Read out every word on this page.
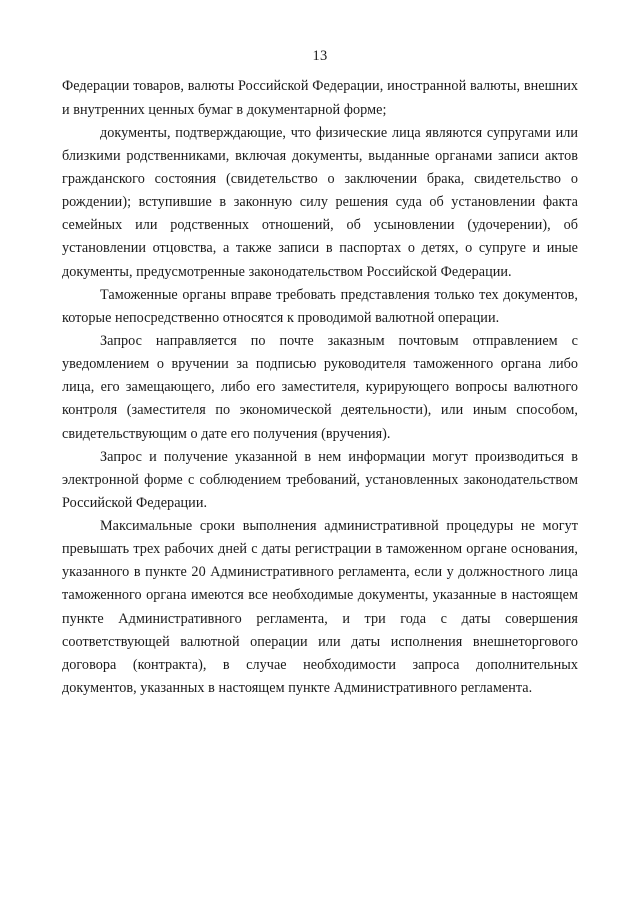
13

Федерации товаров, валюты Российской Федерации, иностранной валюты, внешних и внутренних ценных бумаг в документарной форме;

документы, подтверждающие, что физические лица являются супругами или близкими родственниками, включая документы, выданные органами записи актов гражданского состояния (свидетельство о заключении брака, свидетельство о рождении); вступившие в законную силу решения суда об установлении факта семейных или родственных отношений, об усыновлении (удочерении), об установлении отцовства, а также записи в паспортах о детях, о супруге и иные документы, предусмотренные законодательством Российской Федерации.

Таможенные органы вправе требовать представления только тех документов, которые непосредственно относятся к проводимой валютной операции.

Запрос направляется по почте заказным почтовым отправлением с уведомлением о вручении за подписью руководителя таможенного органа либо лица, его замещающего, либо его заместителя, курирующего вопросы валютного контроля (заместителя по экономической деятельности), или иным способом, свидетельствующим о дате его получения (вручения).

Запрос и получение указанной в нем информации могут производиться в электронной форме с соблюдением требований, установленных законодательством Российской Федерации.

Максимальные сроки выполнения административной процедуры не могут превышать трех рабочих дней с даты регистрации в таможенном органе основания, указанного в пункте 20 Административного регламента, если у должностного лица таможенного органа имеются все необходимые документы, указанные в настоящем пункте Административного регламента, и три года с даты совершения соответствующей валютной операции или даты исполнения внешнеторгового договора (контракта), в случае необходимости запроса дополнительных документов, указанных в настоящем пункте Административного регламента.
